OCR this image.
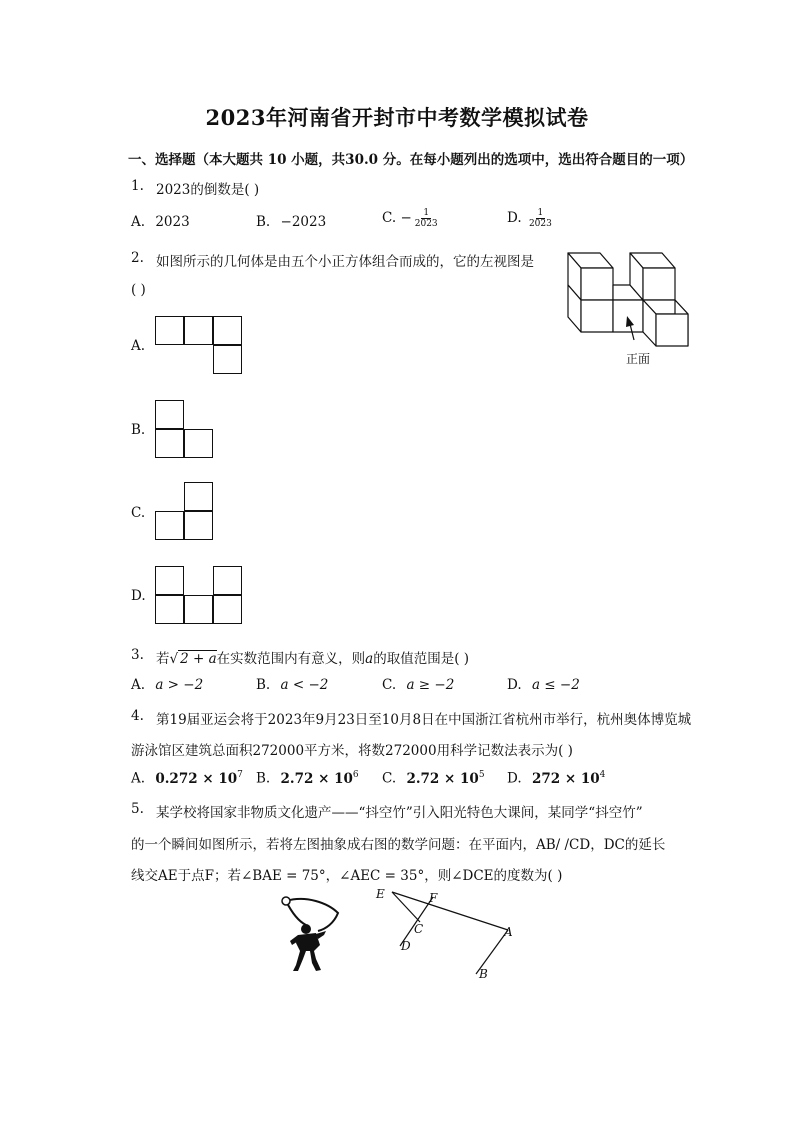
2023年河南省开封市中考数学模拟试卷
一、选择题（本大题共 10 小题，共30.0 分。在每小题列出的选项中，选出符合题目的一项）
1. 2023的倒数是( )
A. 2023	B. −2023	C. − $\frac{1}{2023}$	D. $\frac{1}{2023}$
2. 如图所示的几何体是由五个小正方体组合而成的，它的左视图是
( )
正面
A.
B.
C.
D.
3. 若√ 2 + a在实数范围内有意义，则a的取值范围是( )
A. a > −2	B. a < −2	C. a ≥ −2	D. a ≤ −2
4. 第19届亚运会将于2023年9月23日至10月8日在中国浙江省杭州市举行，杭州奥体博览城
游泳馆区建筑总面积272000平方米，将数272000用科学记数法表示为( )
A. $0.272 \times 10^7$ B. $2.72 \times 10^6$ C. $2.72 \times 10^5$ D. $272 \times 10^4$
5. 某学校将国家非物质文化遗产——“抖空竹”引入阳光特色大课间，某同学“抖空竹”
的一个瞬间如图所示，若将左图抽象成右图的数学问题：在平面内，AB/ /CD，DC的延长
线交AE于点F；若∠BAE = 75°，∠AEC = 35°，则∠DCE的度数为( )
E	F
C
D
A
B
